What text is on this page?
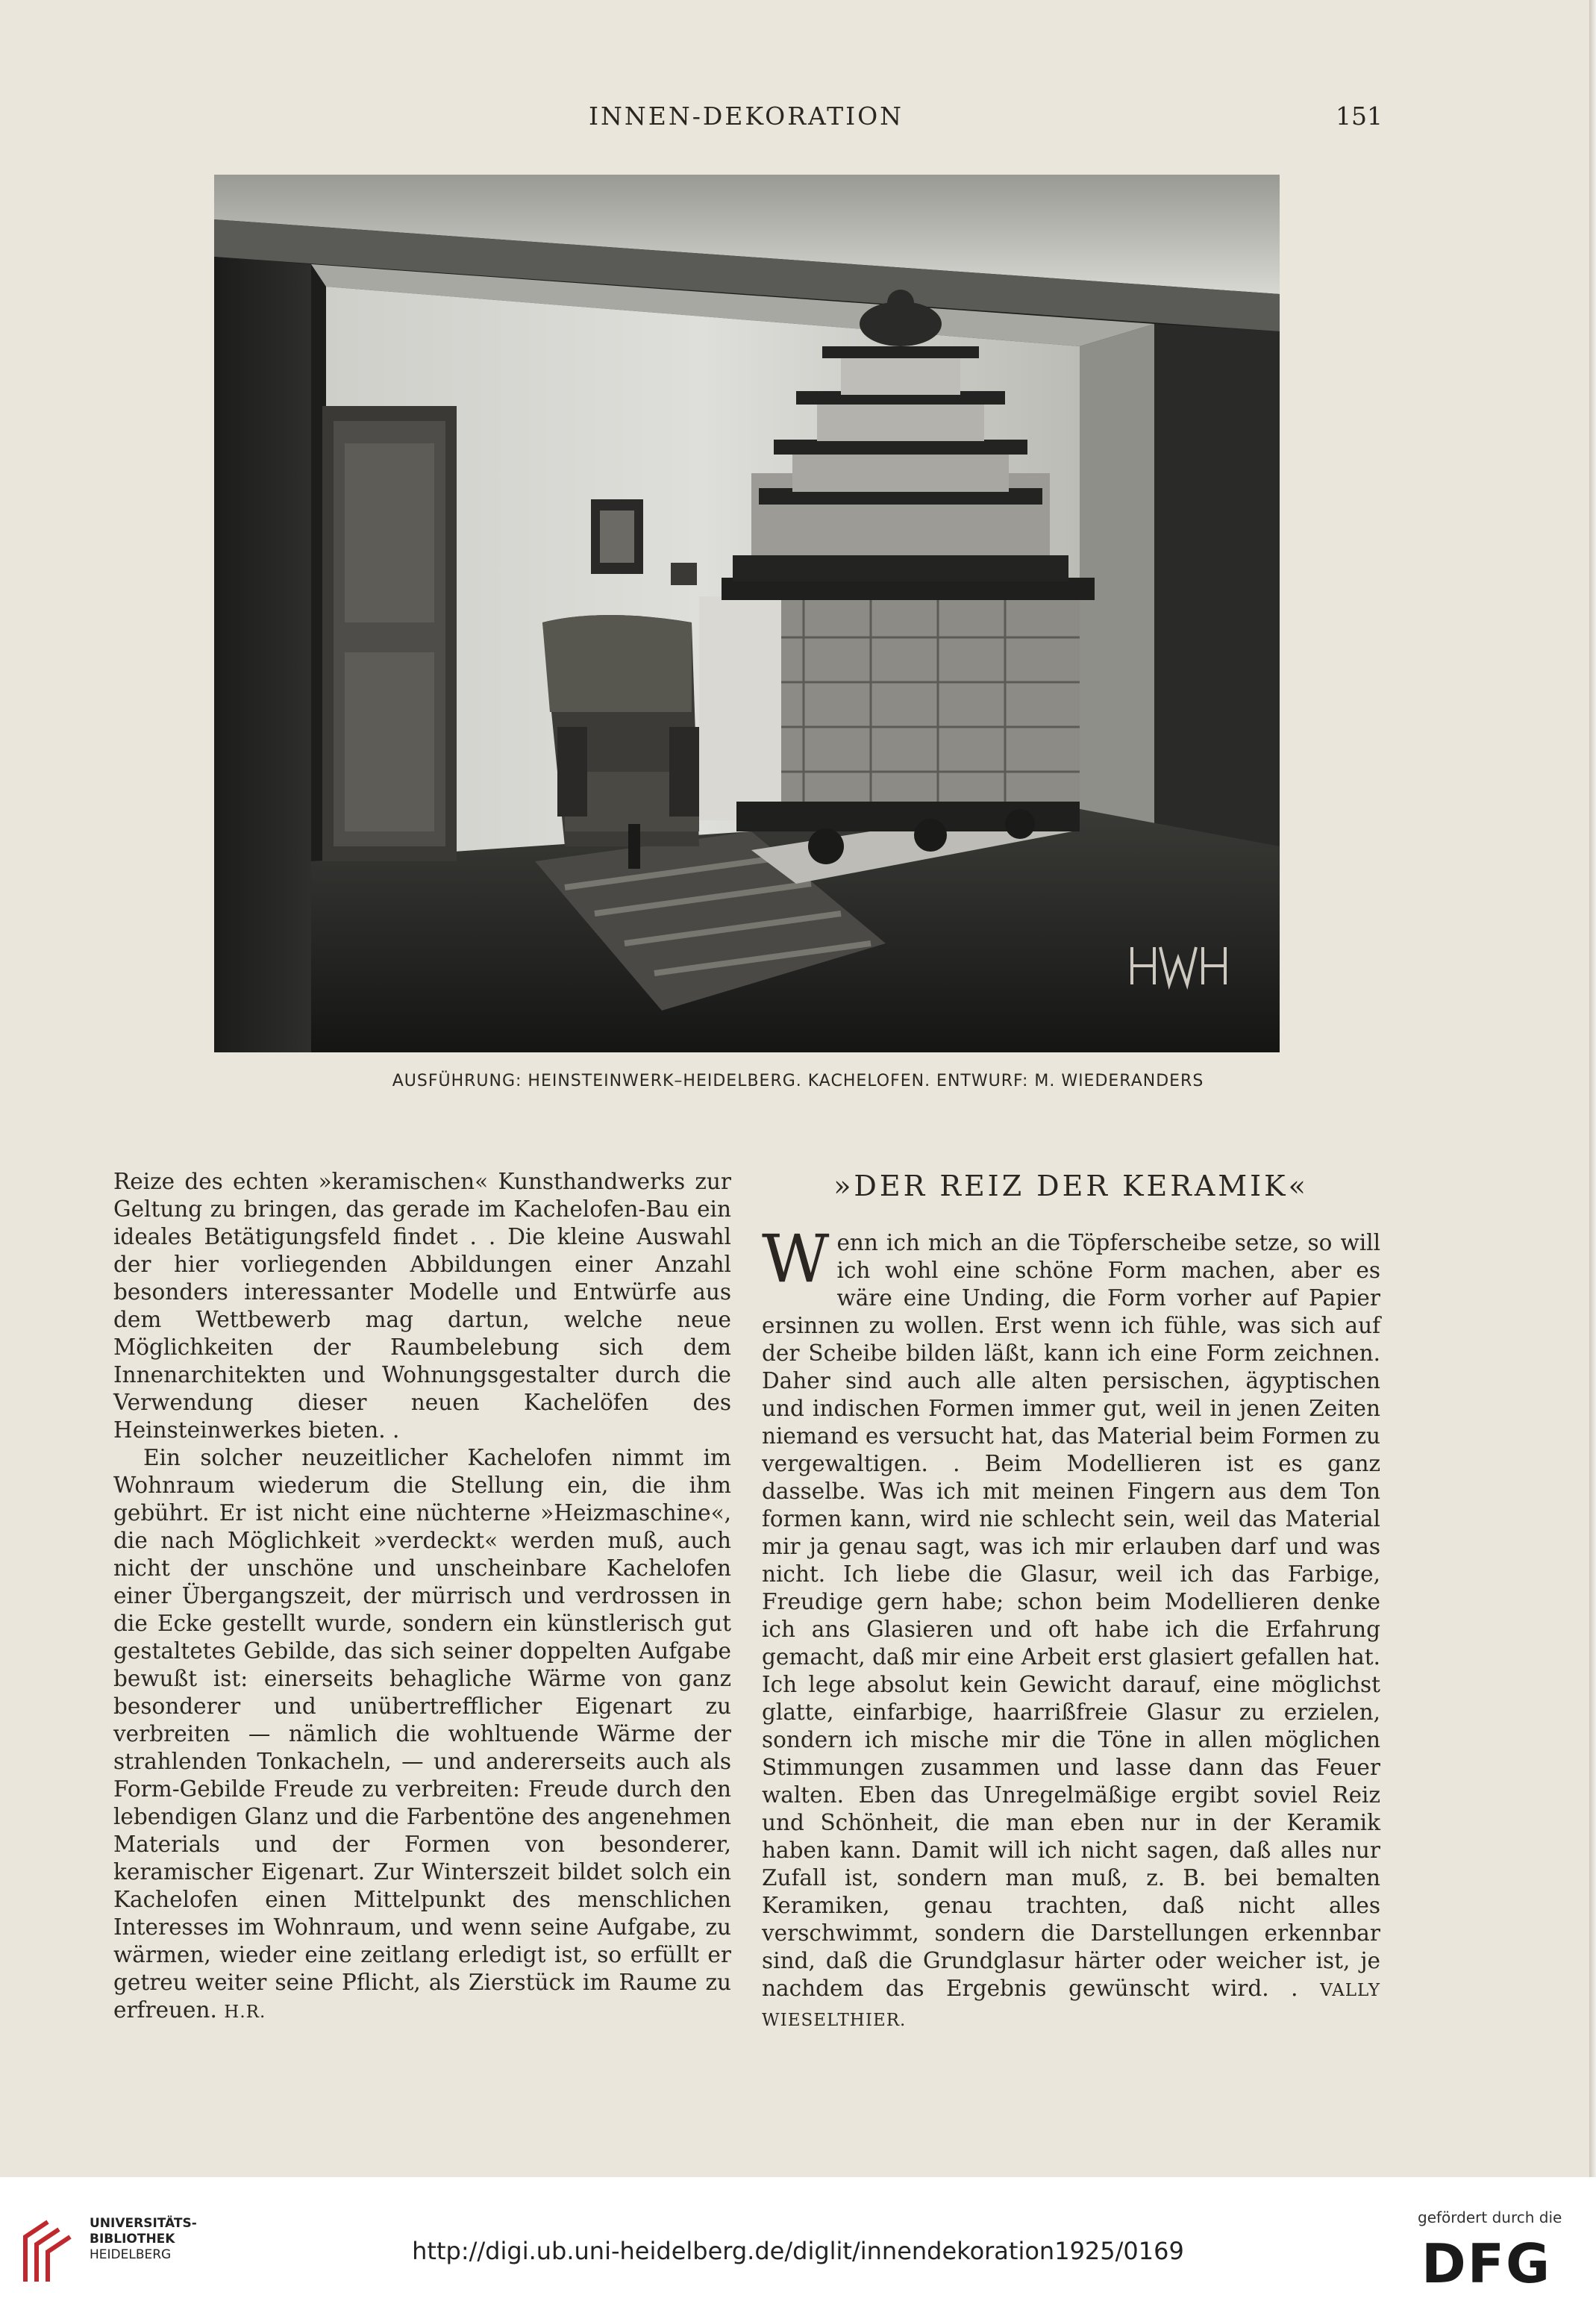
INNEN-DEKORATION	151
AUSFÜHRUNG: HEINSTEINWERK–HEIDELBERG. KACHELOFEN. ENTWURF: M. WIEDERANDERS

Reize des echten »keramischen« Kunsthandwerks zur Geltung zu bringen, das gerade im Kachelofen-Bau ein ideales Betätigungsfeld findet . . Die kleine Auswahl der hier vorliegenden Abbildungen einer Anzahl besonders interessanter Modelle und Entwürfe aus dem Wettbewerb mag dartun, welche neue Möglichkeiten der Raumbelebung sich dem Innenarchitekten und Wohnungsgestalter durch die Verwendung dieser neuen Kachelöfen des Heinsteinwerkes bieten. .

Ein solcher neuzeitlicher Kachelofen nimmt im Wohnraum wiederum die Stellung ein, die ihm gebührt. Er ist nicht eine nüchterne »Heizmaschine«, die nach Möglichkeit »verdeckt« werden muß, auch nicht der unschöne und unscheinbare Kachelofen einer Übergangszeit, der mürrisch und verdrossen in die Ecke gestellt wurde, sondern ein künstlerisch gut gestaltetes Gebilde, das sich seiner doppelten Aufgabe bewußt ist: einerseits behagliche Wärme von ganz besonderer und unübertrefflicher Eigenart zu verbreiten — nämlich die wohltuende Wärme der strahlenden Tonkacheln, — und andererseits auch als Form-Gebilde Freude zu verbreiten: Freude durch den lebendigen Glanz und die Farbentöne des angenehmen Materials und der Formen von besonderer, keramischer Eigenart. Zur Winterszeit bildet solch ein Kachelofen einen Mittelpunkt des menschlichen Interesses im Wohnraum, und wenn seine Aufgabe, zu wärmen, wieder eine zeitlang erledigt ist, so erfüllt er getreu weiter seine Pflicht, als Zierstück im Raume zu erfreuen. H.R.

»DER REIZ DER KERAMIK«

Wenn ich mich an die Töpferscheibe setze, so will ich wohl eine schöne Form machen, aber es wäre eine Unding, die Form vorher auf Papier ersinnen zu wollen. Erst wenn ich fühle, was sich auf der Scheibe bilden läßt, kann ich eine Form zeichnen. Daher sind auch alle alten persischen, ägyptischen und indischen Formen immer gut, weil in jenen Zeiten niemand es versucht hat, das Material beim Formen zu vergewaltigen. . Beim Modellieren ist es ganz dasselbe. Was ich mit meinen Fingern aus dem Ton formen kann, wird nie schlecht sein, weil das Material mir ja genau sagt, was ich mir erlauben darf und was nicht. Ich liebe die Glasur, weil ich das Farbige, Freudige gern habe; schon beim Modellieren denke ich ans Glasieren und oft habe ich die Erfahrung gemacht, daß mir eine Arbeit erst glasiert gefallen hat. Ich lege absolut kein Gewicht darauf, eine möglichst glatte, einfarbige, haarrißfreie Glasur zu erzielen, sondern ich mische mir die Töne in allen möglichen Stimmungen zusammen und lasse dann das Feuer walten. Eben das Unregelmäßige ergibt soviel Reiz und Schönheit, die man eben nur in der Keramik haben kann. Damit will ich nicht sagen, daß alles nur Zufall ist, sondern man muß, z. B. bei bemalten Keramiken, genau trachten, daß nicht alles verschwimmt, sondern die Darstellungen erkennbar sind, daß die Grundglasur härter oder weicher ist, je nachdem das Ergebnis gewünscht wird. . VALLY WIESELTHIER.

UNIVERSITÄTS-
BIBLIOTHEK
HEIDELBERG	http://digi.ub.uni-heidelberg.de/diglit/innendekoration1925/0169
gefördert durch die
DFG
